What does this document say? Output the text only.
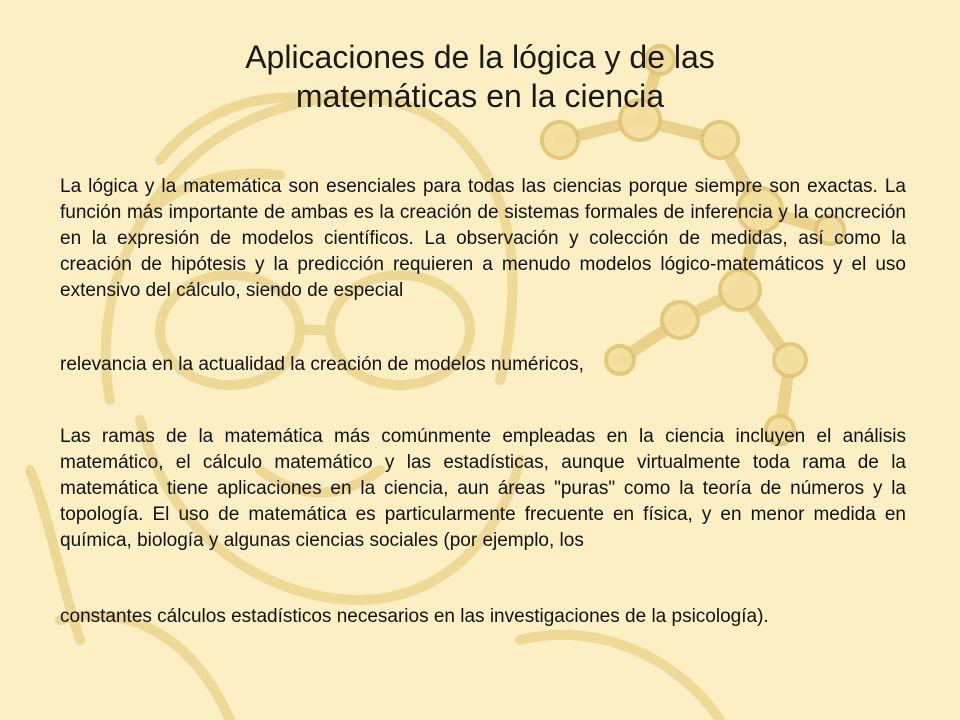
Aplicaciones de la lógica y de las
matemáticas en la ciencia

La lógica y la matemática son esenciales para todas las ciencias porque siempre son exactas. La función más importante de ambas es la creación de sistemas formales de inferencia y la concreción en la expresión de modelos científicos. La observación y colección de medidas, así como la creación de hipótesis y la predicción requieren a menudo modelos lógico-matemáticos y el uso extensivo del cálculo, siendo de especial

relevancia en la actualidad la creación de modelos numéricos,

Las ramas de la matemática más comúnmente empleadas en la ciencia incluyen el análisis matemático, el cálculo matemático y las estadísticas, aunque virtualmente toda rama de la matemática tiene aplicaciones en la ciencia, aun áreas "puras" como la teoría de números y la topología. El uso de matemática es particularmente frecuente en física, y en menor medida en química, biología y algunas ciencias sociales (por ejemplo, los

constantes cálculos estadísticos necesarios en las investigaciones de la psicología).
